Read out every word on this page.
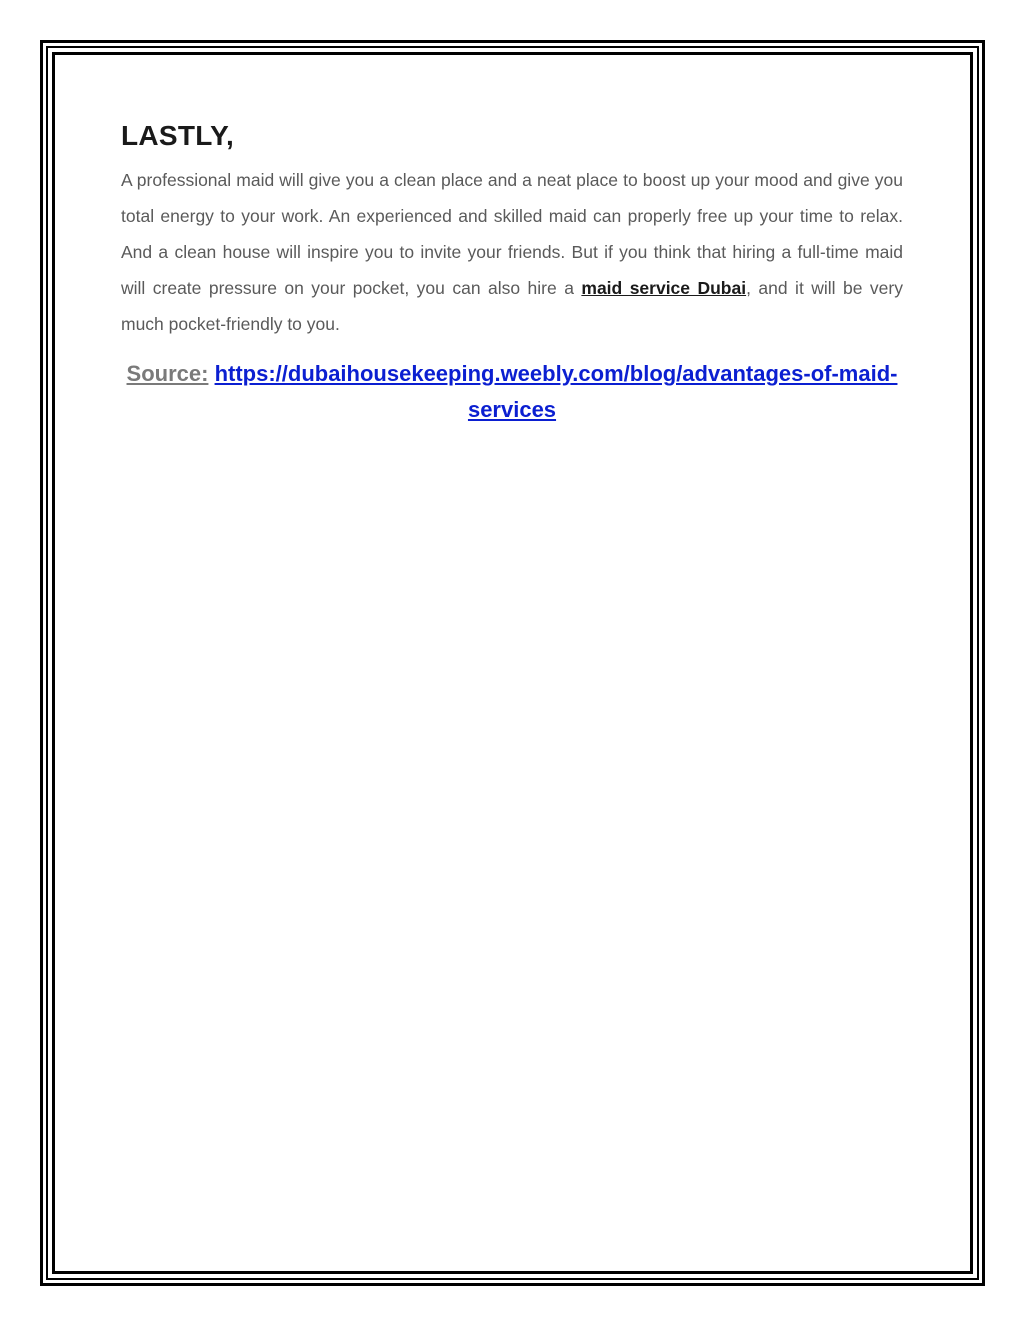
LASTLY,

A professional maid will give you a clean place and a neat place to boost up your mood and give you total energy to your work. An experienced and skilled maid can properly free up your time to relax. And a clean house will inspire you to invite your friends. But if you think that hiring a full-time maid will create pressure on your pocket, you can also hire a maid service Dubai, and it will be very much pocket-friendly to you.

Source: https://dubaihousekeeping.weebly.com/blog/advantages-of-maid-services
